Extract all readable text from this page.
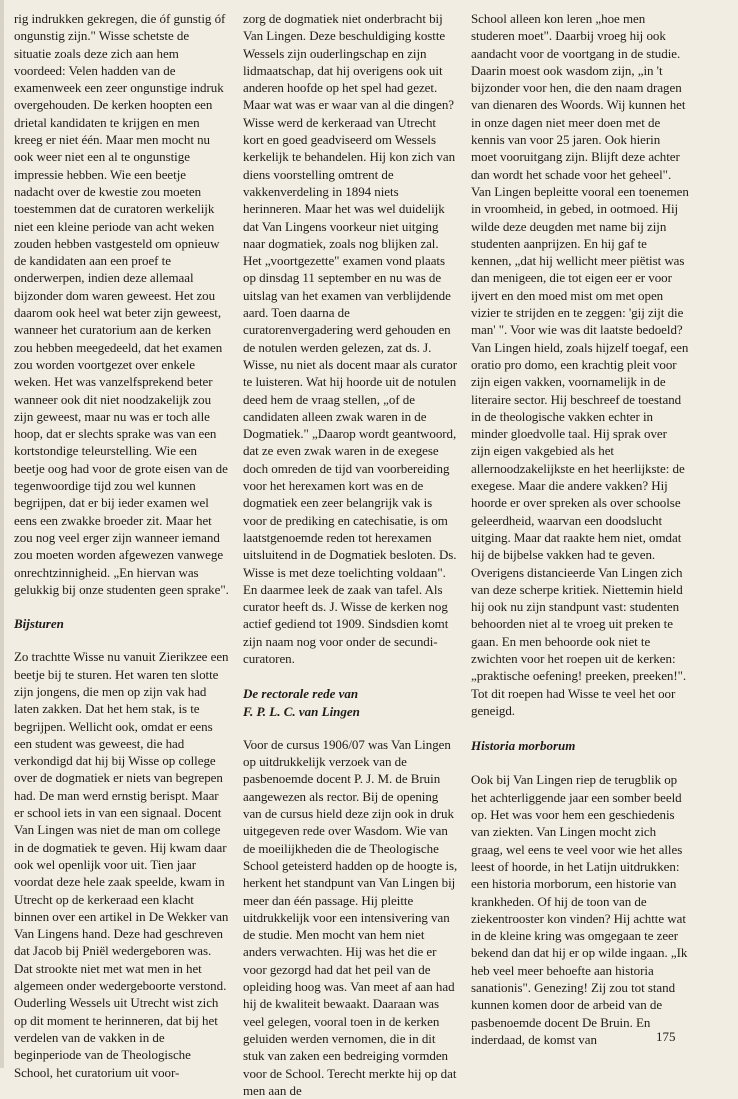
rig indrukken gekregen, die óf gunstig óf ongunstig zijn." Wisse schetste de situatie zoals deze zich aan hem voordeed: Velen hadden van de examenweek een zeer ongunstige indruk overgehouden. De kerken hoopten een drietal kandidaten te krijgen en men kreeg er niet één. Maar men mocht nu ook weer niet een al te ongunstige impressie hebben. Wie een beetje nadacht over de kwestie zou moeten toestemmen dat de curatoren werkelijk niet een kleine periode van acht weken zouden hebben vastgesteld om opnieuw de kandidaten aan een proef te onderwerpen, indien deze allemaal bijzonder dom waren geweest. Het zou daarom ook heel wat beter zijn geweest, wanneer het curatorium aan de kerken zou hebben meegedeeld, dat het examen zou worden voortgezet over enkele weken. Het was vanzelfsprekend beter wanneer ook dit niet noodzakelijk zou zijn geweest, maar nu was er toch alle hoop, dat er slechts sprake was van een kortstondige teleurstelling. Wie een beetje oog had voor de grote eisen van de tegenwoordige tijd zou wel kunnen begrijpen, dat er bij ieder examen wel eens een zwakke broeder zit. Maar het zou nog veel erger zijn wanneer iemand zou moeten worden afgewezen vanwege onrechtzinnigheid. „En hiervan was gelukkig bij onze studenten geen sprake".

Bijsturen

Zo trachtte Wisse nu vanuit Zierikzee een beetje bij te sturen. Het waren ten slotte zijn jongens, die men op zijn vak had laten zakken. Dat het hem stak, is te begrijpen. Wellicht ook, omdat er eens een student was geweest, die had verkondigd dat hij bij Wisse op college over de dogmatiek er niets van begrepen had. De man werd ernstig berispt. Maar er school iets in van een signaal. Docent Van Lingen was niet de man om college in de dogmatiek te geven. Hij kwam daar ook wel openlijk voor uit. Tien jaar voordat deze hele zaak speelde, kwam in Utrecht op de kerkeraad een klacht binnen over een artikel in De Wekker van Van Lingens hand. Deze had geschreven dat Jacob bij Pniël wedergeboren was. Dat strookte niet met wat men in het algemeen onder wedergeboorte verstond. Ouderling Wessels uit Utrecht wist zich op dit moment te herinneren, dat bij het verdelen van de vakken in de beginperiode van de Theologische School, het curatorium uit voor-

zorg de dogmatiek niet onderbracht bij Van Lingen. Deze beschuldiging kostte Wessels zijn ouderlingschap en zijn lidmaatschap, dat hij overigens ook uit anderen hoofde op het spel had gezet. Maar wat was er waar van al die dingen? Wisse werd de kerkeraad van Utrecht kort en goed geadviseerd om Wessels kerkelijk te behandelen. Hij kon zich van diens voorstelling omtrent de vakkenverdeling in 1894 niets herinneren. Maar het was wel duidelijk dat Van Lingens voorkeur niet uitging naar dogmatiek, zoals nog blijken zal. Het „voortgezette" examen vond plaats op dinsdag 11 september en nu was de uitslag van het examen van verblijdende aard. Toen daarna de curatorenvergadering werd gehouden en de notulen werden gelezen, zat ds. J. Wisse, nu niet als docent maar als curator te luisteren. Wat hij hoorde uit de notulen deed hem de vraag stellen, „of de candidaten alleen zwak waren in de Dogmatiek." „Daarop wordt geantwoord, dat ze even zwak waren in de exegese doch omreden de tijd van voorbereiding voor het herexamen kort was en de dogmatiek een zeer belangrijk vak is voor de prediking en catechisatie, is om laatstgenoemde reden tot herexamen uitsluitend in de Dogmatiek besloten. Ds. Wisse is met deze toelichting voldaan". En daarmee leek de zaak van tafel. Als curator heeft ds. J. Wisse de kerken nog actief gediend tot 1909. Sindsdien komt zijn naam nog voor onder de secundi-curatoren.

De rectorale rede van
F. P. L. C. van Lingen

Voor de cursus 1906/07 was Van Lingen op uitdrukkelijk verzoek van de pasbenoemde docent P. J. M. de Bruin aangewezen als rector. Bij de opening van de cursus hield deze zijn ook in druk uitgegeven rede over Wasdom. Wie van de moeilijkheden die de Theologische School geteisterd hadden op de hoogte is, herkent het standpunt van Van Lingen bij meer dan één passage. Hij pleitte uitdrukkelijk voor een intensivering van de studie. Men mocht van hem niet anders verwachten. Hij was het die er voor gezorgd had dat het peil van de opleiding hoog was. Van meet af aan had hij de kwaliteit bewaakt. Daaraan was veel gelegen, vooral toen in de kerken geluiden werden vernomen, die in dit stuk van zaken een bedreiging vormden voor de School. Terecht merkte hij op dat men aan de

School alleen kon leren „hoe men studeren moet". Daarbij vroeg hij ook aandacht voor de voortgang in de studie. Daarin moest ook wasdom zijn, „in 't bijzonder voor hen, die den naam dragen van dienaren des Woords. Wij kunnen het in onze dagen niet meer doen met de kennis van voor 25 jaren. Ook hierin moet vooruitgang zijn. Blijft deze achter dan wordt het schade voor het geheel". Van Lingen bepleitte vooral een toenemen in vroomheid, in gebed, in ootmoed. Hij wilde deze deugden met name bij zijn studenten aanprijzen. En hij gaf te kennen, „dat hij wellicht meer piëtist was dan menigeen, die tot eigen eer er voor ijvert en den moed mist om met open vizier te strijden en te zeggen: 'gij zijt die man' ". Voor wie was dit laatste bedoeld? Van Lingen hield, zoals hijzelf toegaf, een oratio pro domo, een krachtig pleit voor zijn eigen vakken, voornamelijk in de literaire sector. Hij beschreef de toestand in de theologische vakken echter in minder gloedvolle taal. Hij sprak over zijn eigen vakgebied als het allernoodzakelijkste en het heerlijkste: de exegese. Maar die andere vakken? Hij hoorde er over spreken als over schoolse geleerdheid, waarvan een doodslucht uitging. Maar dat raakte hem niet, omdat hij de bijbelse vakken had te geven. Overigens distancieerde Van Lingen zich van deze scherpe kritiek. Niettemin hield hij ook nu zijn standpunt vast: studenten behoorden niet al te vroeg uit preken te gaan. En men behoorde ook niet te zwichten voor het roepen uit de kerken: „praktische oefening! preeken, preeken!". Tot dit roepen had Wisse te veel het oor geneigd.

Historia morborum

Ook bij Van Lingen riep de terugblik op het achterliggende jaar een somber beeld op. Het was voor hem een geschiedenis van ziekten. Van Lingen mocht zich graag, wel eens te veel voor wie het alles leest of hoorde, in het Latijn uitdrukken: een historia morborum, een historie van krankheden. Of hij de toon van de ziekentrooster kon vinden? Hij achtte wat in de kleine kring was omgegaan te zeer bekend dan dat hij er op wilde ingaan. „Ik heb veel meer behoefte aan historia sanationis". Genezing! Zij zou tot stand kunnen komen door de arbeid van de pasbenoemde docent De Bruin. En inderdaad, de komst van	175
